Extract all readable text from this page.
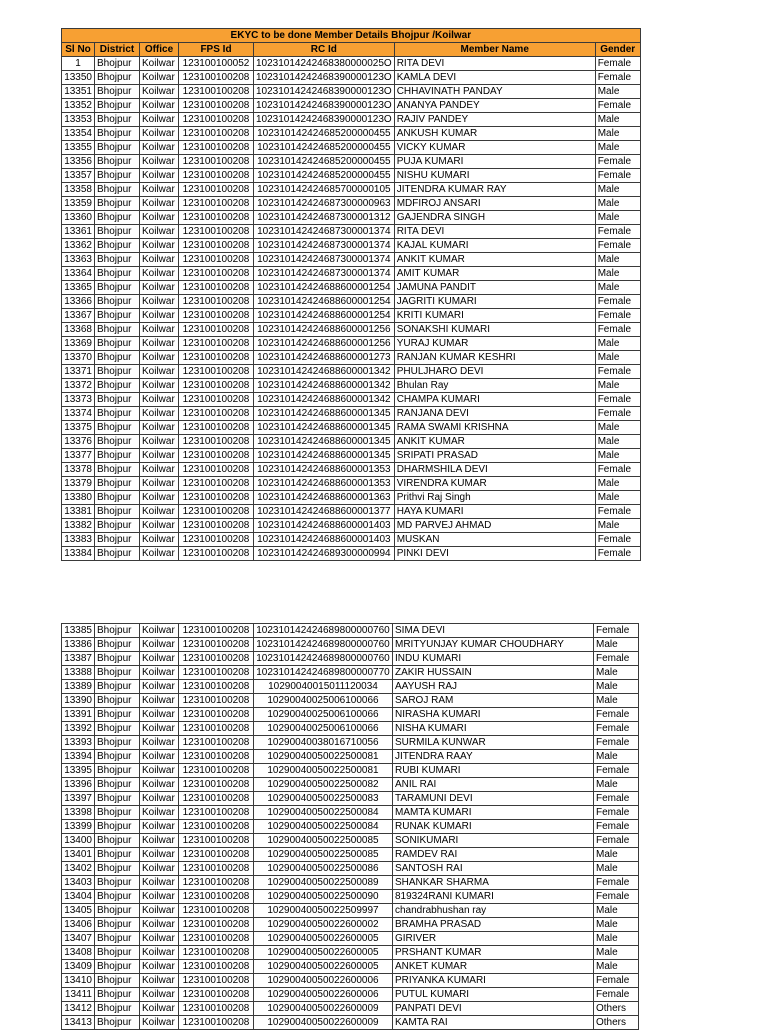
EKYC to be done Member Details Bhojpur /Koilwar						
Sl No	District	Office	FPS Id	RC Id	Member Name	Gender
1	Bhojpur	Koilwar	123100100052	10231014242468380000025O	RITA DEVI	Female
13350	Bhojpur	Koilwar	123100100208	10231014242468390000123O	KAMLA DEVI	Female
13351	Bhojpur	Koilwar	123100100208	10231014242468390000123O	CHHAVINATH PANDAY	Male
13352	Bhojpur	Koilwar	123100100208	10231014242468390000123O	ANANYA PANDEY	Female
13353	Bhojpur	Koilwar	123100100208	10231014242468390000123O	RAJIV PANDEY	Male
13354	Bhojpur	Koilwar	123100100208	102310142424685200000455	ANKUSH KUMAR	Male
13355	Bhojpur	Koilwar	123100100208	102310142424685200000455	VICKY KUMAR	Male
13356	Bhojpur	Koilwar	123100100208	102310142424685200000455	PUJA KUMARI	Female
13357	Bhojpur	Koilwar	123100100208	102310142424685200000455	NISHU KUMARI	Female
13358	Bhojpur	Koilwar	123100100208	102310142424685700000105	JITENDRA KUMAR RAY	Male
13359	Bhojpur	Koilwar	123100100208	102310142424687300000963	MDFIROJ ANSARI	Male
13360	Bhojpur	Koilwar	123100100208	102310142424687300001312	GAJENDRA SINGH	Male
13361	Bhojpur	Koilwar	123100100208	102310142424687300001374	RITA DEVI	Female
13362	Bhojpur	Koilwar	123100100208	102310142424687300001374	KAJAL KUMARI	Female
13363	Bhojpur	Koilwar	123100100208	102310142424687300001374	ANKIT KUMAR	Male
13364	Bhojpur	Koilwar	123100100208	102310142424687300001374	AMIT KUMAR	Male
13365	Bhojpur	Koilwar	123100100208	102310142424688600001254	JAMUNA PANDIT	Male
13366	Bhojpur	Koilwar	123100100208	102310142424688600001254	JAGRITI KUMARI	Female
13367	Bhojpur	Koilwar	123100100208	102310142424688600001254	KRITI KUMARI	Female
13368	Bhojpur	Koilwar	123100100208	102310142424688600001256	SONAKSHI KUMARI	Female
13369	Bhojpur	Koilwar	123100100208	102310142424688600001256	YURAJ KUMAR	Male
13370	Bhojpur	Koilwar	123100100208	102310142424688600001273	RANJAN KUMAR KESHRI	Male
13371	Bhojpur	Koilwar	123100100208	102310142424688600001342	PHULJHARO DEVI	Female
13372	Bhojpur	Koilwar	123100100208	102310142424688600001342	Bhulan Ray	Male
13373	Bhojpur	Koilwar	123100100208	102310142424688600001342	CHAMPA KUMARI	Female
13374	Bhojpur	Koilwar	123100100208	102310142424688600001345	RANJANA DEVI	Female
13375	Bhojpur	Koilwar	123100100208	102310142424688600001345	RAMA SWAMI KRISHNA	Male
13376	Bhojpur	Koilwar	123100100208	102310142424688600001345	ANKIT KUMAR	Male
13377	Bhojpur	Koilwar	123100100208	102310142424688600001345	SRIPATI PRASAD	Male
13378	Bhojpur	Koilwar	123100100208	102310142424688600001353	DHARMSHILA DEVI	Female
13379	Bhojpur	Koilwar	123100100208	102310142424688600001353	VIRENDRA KUMAR	Male
13380	Bhojpur	Koilwar	123100100208	102310142424688600001363	Prithvi Raj Singh	Male
13381	Bhojpur	Koilwar	123100100208	102310142424688600001377	HAYA KUMARI	Female
13382	Bhojpur	Koilwar	123100100208	102310142424688600001403	MD PARVEJ AHMAD	Male
13383	Bhojpur	Koilwar	123100100208	102310142424688600001403	MUSKAN	Female
13384	Bhojpur	Koilwar	123100100208	102310142424689300000994	PINKI DEVI	Female
13385	Bhojpur	Koilwar	123100100208	102310142424689800000760	SIMA DEVI	Female
13386	Bhojpur	Koilwar	123100100208	102310142424689800000760	MRITYUNJAY KUMAR CHOUDHARY	Male
13387	Bhojpur	Koilwar	123100100208	102310142424689800000760	INDU KUMARI	Female
13388	Bhojpur	Koilwar	123100100208	102310142424689800000770	ZAKIR HUSSAIN	Male
13389	Bhojpur	Koilwar	123100100208	10290040015011120034	AAYUSH RAJ	Male
13390	Bhojpur	Koilwar	123100100208	10290040025006100066	SAROJ RAM	Male
13391	Bhojpur	Koilwar	123100100208	10290040025006100066	NIRASHA KUMARI	Female
13392	Bhojpur	Koilwar	123100100208	10290040025006100066	NISHA KUMARI	Female
13393	Bhojpur	Koilwar	123100100208	10290040038016710056	SURMILA KUNWAR	Female
13394	Bhojpur	Koilwar	123100100208	10290040050022500081	JITENDRA RAAY	Male
13395	Bhojpur	Koilwar	123100100208	10290040050022500081	RUBI KUMARI	Female
13396	Bhojpur	Koilwar	123100100208	10290040050022500082	ANIL RAI	Male
13397	Bhojpur	Koilwar	123100100208	10290040050022500083	TARAMUNI DEVI	Female
13398	Bhojpur	Koilwar	123100100208	10290040050022500084	MAMTA KUMARI	Female
13399	Bhojpur	Koilwar	123100100208	10290040050022500084	RUNAK KUMARI	Female
13400	Bhojpur	Koilwar	123100100208	10290040050022500085	SONIKUMARI	Female
13401	Bhojpur	Koilwar	123100100208	10290040050022500085	RAMDEV RAI	Male
13402	Bhojpur	Koilwar	123100100208	10290040050022500086	SANTOSH RAI	Male
13403	Bhojpur	Koilwar	123100100208	10290040050022500089	SHANKAR SHARMA	Female
13404	Bhojpur	Koilwar	123100100208	10290040050022500090	819324RANI KUMARI	Female
13405	Bhojpur	Koilwar	123100100208	10290040050022509997	chandrabhushan ray	Male
13406	Bhojpur	Koilwar	123100100208	10290040050022600002	BRAMHA PRASAD	Male
13407	Bhojpur	Koilwar	123100100208	10290040050022600005	GIRIVER	Male
13408	Bhojpur	Koilwar	123100100208	10290040050022600005	PRSHANT KUMAR	Male
13409	Bhojpur	Koilwar	123100100208	10290040050022600005	ANKET KUMAR	Male
13410	Bhojpur	Koilwar	123100100208	10290040050022600006	PRIYANKA KUMARI	Female
13411	Bhojpur	Koilwar	123100100208	10290040050022600006	PUTUL KUMARI	Female
13412	Bhojpur	Koilwar	123100100208	10290040050022600009	PANPATI DEVI	Others
13413	Bhojpur	Koilwar	123100100208	10290040050022600009	KAMTA RAI	Others
